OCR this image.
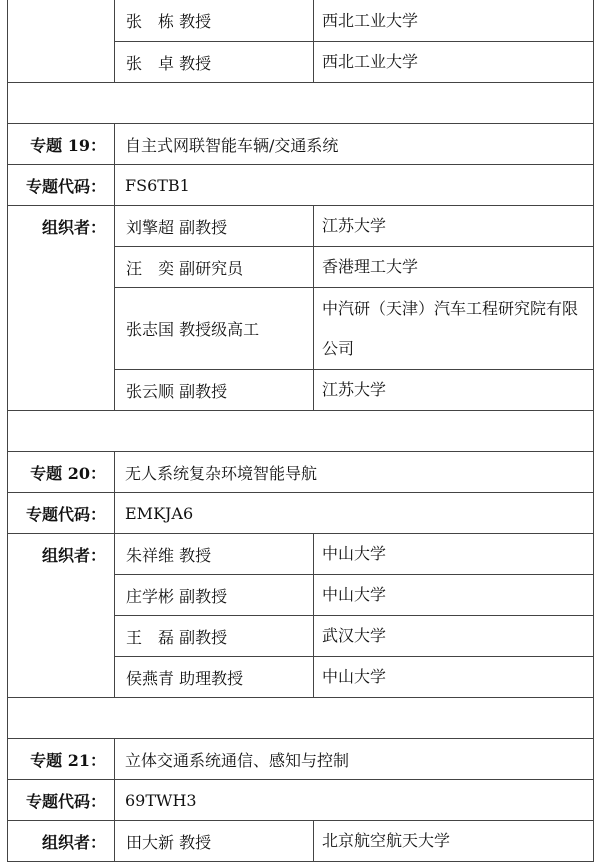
	张　栋 教授	西北工业大学
	张　卓 教授	西北工业大学

专题 19：	自主式网联智能车辆/交通系统	
专题代码：	FS6TB1	
组织者：	刘擎超 副教授	江苏大学
	汪　奕 副研究员	香港理工大学
	张志国 教授级高工	中汽研（天津）汽车工程研究院有限公司
	张云顺 副教授	江苏大学

专题 20：	无人系统复杂环境智能导航	
专题代码：	EMKJA6	
组织者：	朱祥维 教授	中山大学
	庄学彬 副教授	中山大学
	王　磊 副教授	武汉大学
	侯燕青 助理教授	中山大学

专题 21：	立体交通系统通信、感知与控制	
专题代码：	69TWH3	
组织者：	田大新 教授	北京航空航天大学
